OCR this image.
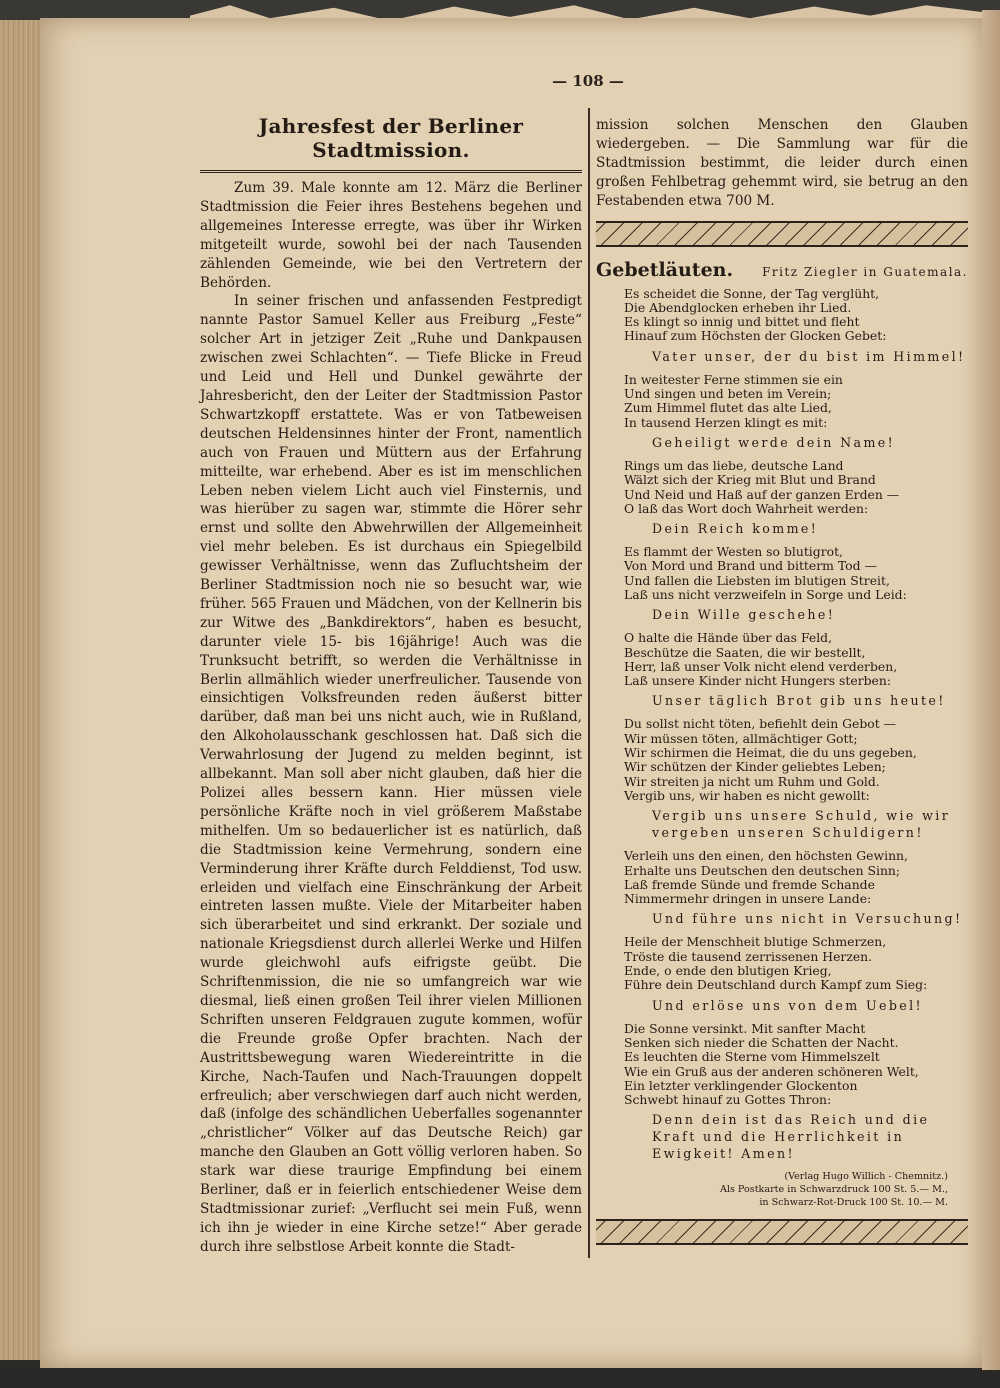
— 108 —
Jahresfest der Berliner Stadtmission.

Zum 39. Male konnte am 12. März die Berliner Stadtmission die Feier ihres Bestehens begehen und allgemeines Interesse erregte, was über ihr Wirken mitgeteilt wurde, sowohl bei der nach Tausenden zählenden Gemeinde, wie bei den Vertretern der Behörden.

In seiner frischen und anfassenden Festpredigt nannte Pastor Samuel Keller aus Freiburg „Feste“ solcher Art in jetziger Zeit „Ruhe und Dankpausen zwischen zwei Schlachten“. — Tiefe Blicke in Freud und Leid und Hell und Dunkel gewährte der Jahresbericht, den der Leiter der Stadtmission Pastor Schwartzkopff erstattete. Was er von Tatbeweisen deutschen Heldensinnes hinter der Front, namentlich auch von Frauen und Müttern aus der Erfahrung mitteilte, war erhebend. Aber es ist im menschlichen Leben neben vielem Licht auch viel Finsternis, und was hierüber zu sagen war, stimmte die Hörer sehr ernst und sollte den Abwehrwillen der Allgemeinheit viel mehr beleben. Es ist durchaus ein Spiegelbild gewisser Verhältnisse, wenn das Zufluchtsheim der Berliner Stadtmission noch nie so besucht war, wie früher. 565 Frauen und Mädchen, von der Kellnerin bis zur Witwe des „Bankdirektors“, haben es besucht, darunter viele 15- bis 16jährige! Auch was die Trunksucht betrifft, so werden die Verhältnisse in Berlin allmählich wieder unerfreulicher. Tausende von einsichtigen Volksfreunden reden äußerst bitter darüber, daß man bei uns nicht auch, wie in Rußland, den Alkoholausschank geschlossen hat. Daß sich die Verwahrlosung der Jugend zu melden beginnt, ist allbekannt. Man soll aber nicht glauben, daß hier die Polizei alles bessern kann. Hier müssen viele persönliche Kräfte noch in viel größerem Maßstabe mithelfen. Um so bedauerlicher ist es natürlich, daß die Stadtmission keine Vermehrung, sondern eine Verminderung ihrer Kräfte durch Felddienst, Tod usw. erleiden und vielfach eine Einschränkung der Arbeit eintreten lassen mußte. Viele der Mitarbeiter haben sich überarbeitet und sind erkrankt. Der soziale und nationale Kriegsdienst durch allerlei Werke und Hilfen wurde gleichwohl aufs eifrigste geübt. Die Schriftenmission, die nie so umfangreich war wie diesmal, ließ einen großen Teil ihrer vielen Millionen Schriften unseren Feldgrauen zugute kommen, wofür die Freunde große Opfer brachten. Nach der Austrittsbewegung waren Wiedereintritte in die Kirche, Nach-Taufen und Nach-Trauungen doppelt erfreulich; aber verschwiegen darf auch nicht werden, daß (infolge des schändlichen Ueberfalles sogenannter „christlicher“ Völker auf das Deutsche Reich) gar manche den Glauben an Gott völlig verloren haben. So stark war diese traurige Empfindung bei einem Berliner, daß er in feierlich entschiedener Weise dem Stadtmissionar zurief: „Verflucht sei mein Fuß, wenn ich ihn je wieder in eine Kirche setze!“ Aber gerade durch ihre selbstlose Arbeit konnte die Stadt-

mission solchen Menschen den Glauben wiedergeben. — Die Sammlung war für die Stadtmission bestimmt, die leider durch einen großen Fehlbetrag gehemmt wird, sie betrug an den Festabenden etwa 700 M.

Gebetläuten. Fritz Ziegler in Guatemala.
Es scheidet die Sonne, der Tag verglüht,
Die Abendglocken erheben ihr Lied.
Es klingt so innig und bittet und fleht
Hinauf zum Höchsten der Glocken Gebet:
Vater unser, der du bist im Himmel!
In weitester Ferne stimmen sie ein
Und singen und beten im Verein;
Zum Himmel flutet das alte Lied,
In tausend Herzen klingt es mit:
Geheiligt werde dein Name!
Rings um das liebe, deutsche Land
Wälzt sich der Krieg mit Blut und Brand
Und Neid und Haß auf der ganzen Erden —
O laß das Wort doch Wahrheit werden:
Dein Reich komme!
Es flammt der Westen so blutigrot,
Von Mord und Brand und bitterm Tod —
Und fallen die Liebsten im blutigen Streit,
Laß uns nicht verzweifeln in Sorge und Leid:
Dein Wille geschehe!
O halte die Hände über das Feld,
Beschütze die Saaten, die wir bestellt,
Herr, laß unser Volk nicht elend verderben,
Laß unsere Kinder nicht Hungers sterben:
Unser täglich Brot gib uns heute!
Du sollst nicht töten, befiehlt dein Gebot —
Wir müssen töten, allmächtiger Gott;
Wir schirmen die Heimat, die du uns gegeben,
Wir schützen der Kinder geliebtes Leben;
Wir streiten ja nicht um Ruhm und Gold.
Vergib uns, wir haben es nicht gewollt:
Vergib uns unsere Schuld, wie wir vergeben unseren Schuldigern!
Verleih uns den einen, den höchsten Gewinn,
Erhalte uns Deutschen den deutschen Sinn;
Laß fremde Sünde und fremde Schande
Nimmermehr dringen in unsere Lande:
Und führe uns nicht in Versuchung!
Heile der Menschheit blutige Schmerzen,
Tröste die tausend zerrissenen Herzen.
Ende, o ende den blutigen Krieg,
Führe dein Deutschland durch Kampf zum Sieg:
Und erlöse uns von dem Uebel!
Die Sonne versinkt. Mit sanfter Macht
Senken sich nieder die Schatten der Nacht.
Es leuchten die Sterne vom Himmelszelt
Wie ein Gruß aus der anderen schöneren Welt,
Ein letzter verklingender Glockenton
Schwebt hinauf zu Gottes Thron:
Denn dein ist das Reich und die Kraft und die Herrlichkeit in Ewigkeit! Amen!
(Verlag Hugo Willich - Chemnitz.)
Als Postkarte in Schwarzdruck 100 St. 5.— M.,
in Schwarz-Rot-Druck 100 St. 10.— M.
